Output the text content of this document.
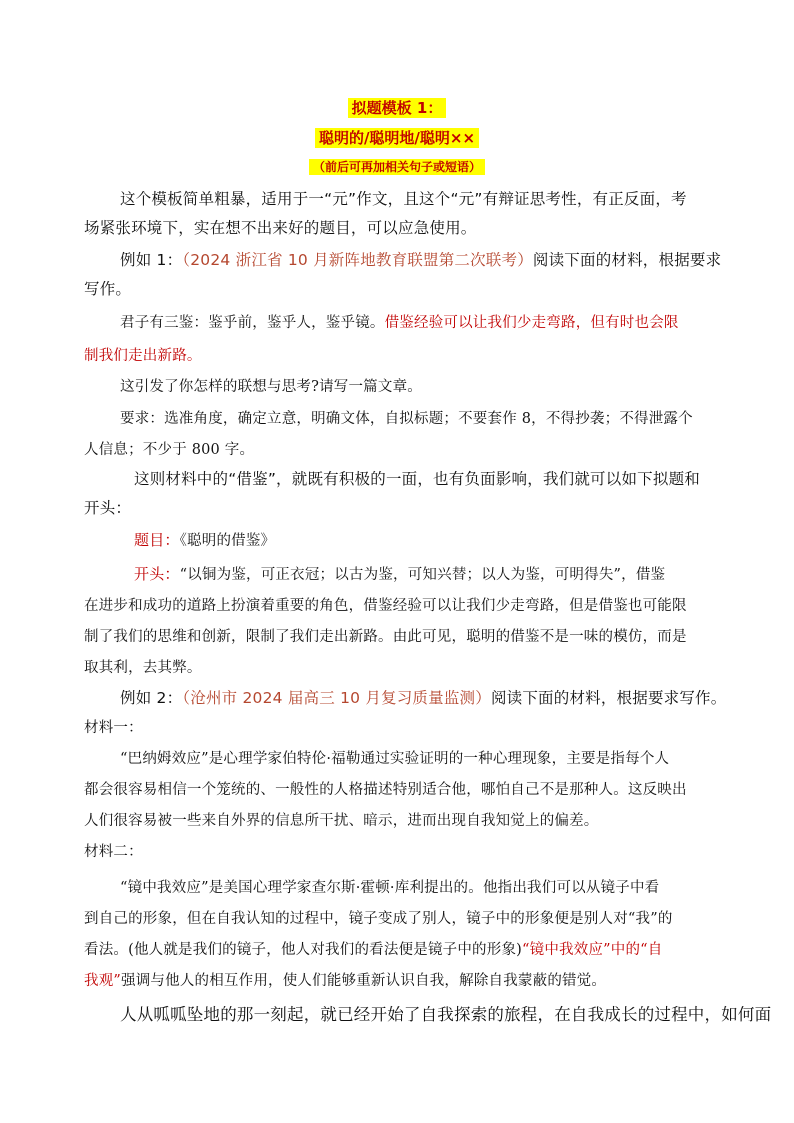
拟题模板 1：
聪明的/聪明地/聪明××
（前后可再加相关句子或短语）
这个模板简单粗暴，适用于一“元”作文，且这个“元”有辩证思考性，有正反面，考
场紧张环境下，实在想不出来好的题目，可以应急使用。
例如 1：（2024 浙江省 10 月新阵地教育联盟第二次联考）阅读下面的材料，根据要求
写作。
君子有三鉴：鉴乎前，鉴乎人，鉴乎镜。借鉴经验可以让我们少走弯路，但有时也会限
制我们走出新路。
这引发了你怎样的联想与思考?请写一篇文章。
要求：选准角度，确定立意，明确文体，自拟标题；不要套作 8，不得抄袭；不得泄露个
人信息；不少于 800 字。
这则材料中的“借鉴”，就既有积极的一面，也有负面影响，我们就可以如下拟题和
开头：
题目：《聪明的借鉴》
开头：“以铜为鉴，可正衣冠；以古为鉴，可知兴替；以人为鉴，可明得失”，借鉴
在进步和成功的道路上扮演着重要的角色，借鉴经验可以让我们少走弯路，但是借鉴也可能限
制了我们的思维和创新，限制了我们走出新路。由此可见，聪明的借鉴不是一味的模仿，而是
取其利，去其弊。
例如 2：（沧州市 2024 届高三 10 月复习质量监测）阅读下面的材料，根据要求写作。
材料一：
“巴纳姆效应”是心理学家伯特伦·福勒通过实验证明的一种心理现象，主要是指每个人
都会很容易相信一个笼统的、一般性的人格描述特别适合他，哪怕自己不是那种人。这反映出
人们很容易被一些来自外界的信息所干扰、暗示，进而出现自我知觉上的偏差。
材料二：
“镜中我效应”是美国心理学家查尔斯·霍顿·库利提出的。他指出我们可以从镜子中看
到自己的形象，但在自我认知的过程中，镜子变成了别人，镜子中的形象便是别人对“我”的
看法。(他人就是我们的镜子，他人对我们的看法便是镜子中的形象)“镜中我效应”中的“自
我观”强调与他人的相互作用，使人们能够重新认识自我，解除自我蒙蔽的错觉。
人从呱呱坠地的那一刻起，就已经开始了自我探索的旅程，在自我成长的过程中，如何面
